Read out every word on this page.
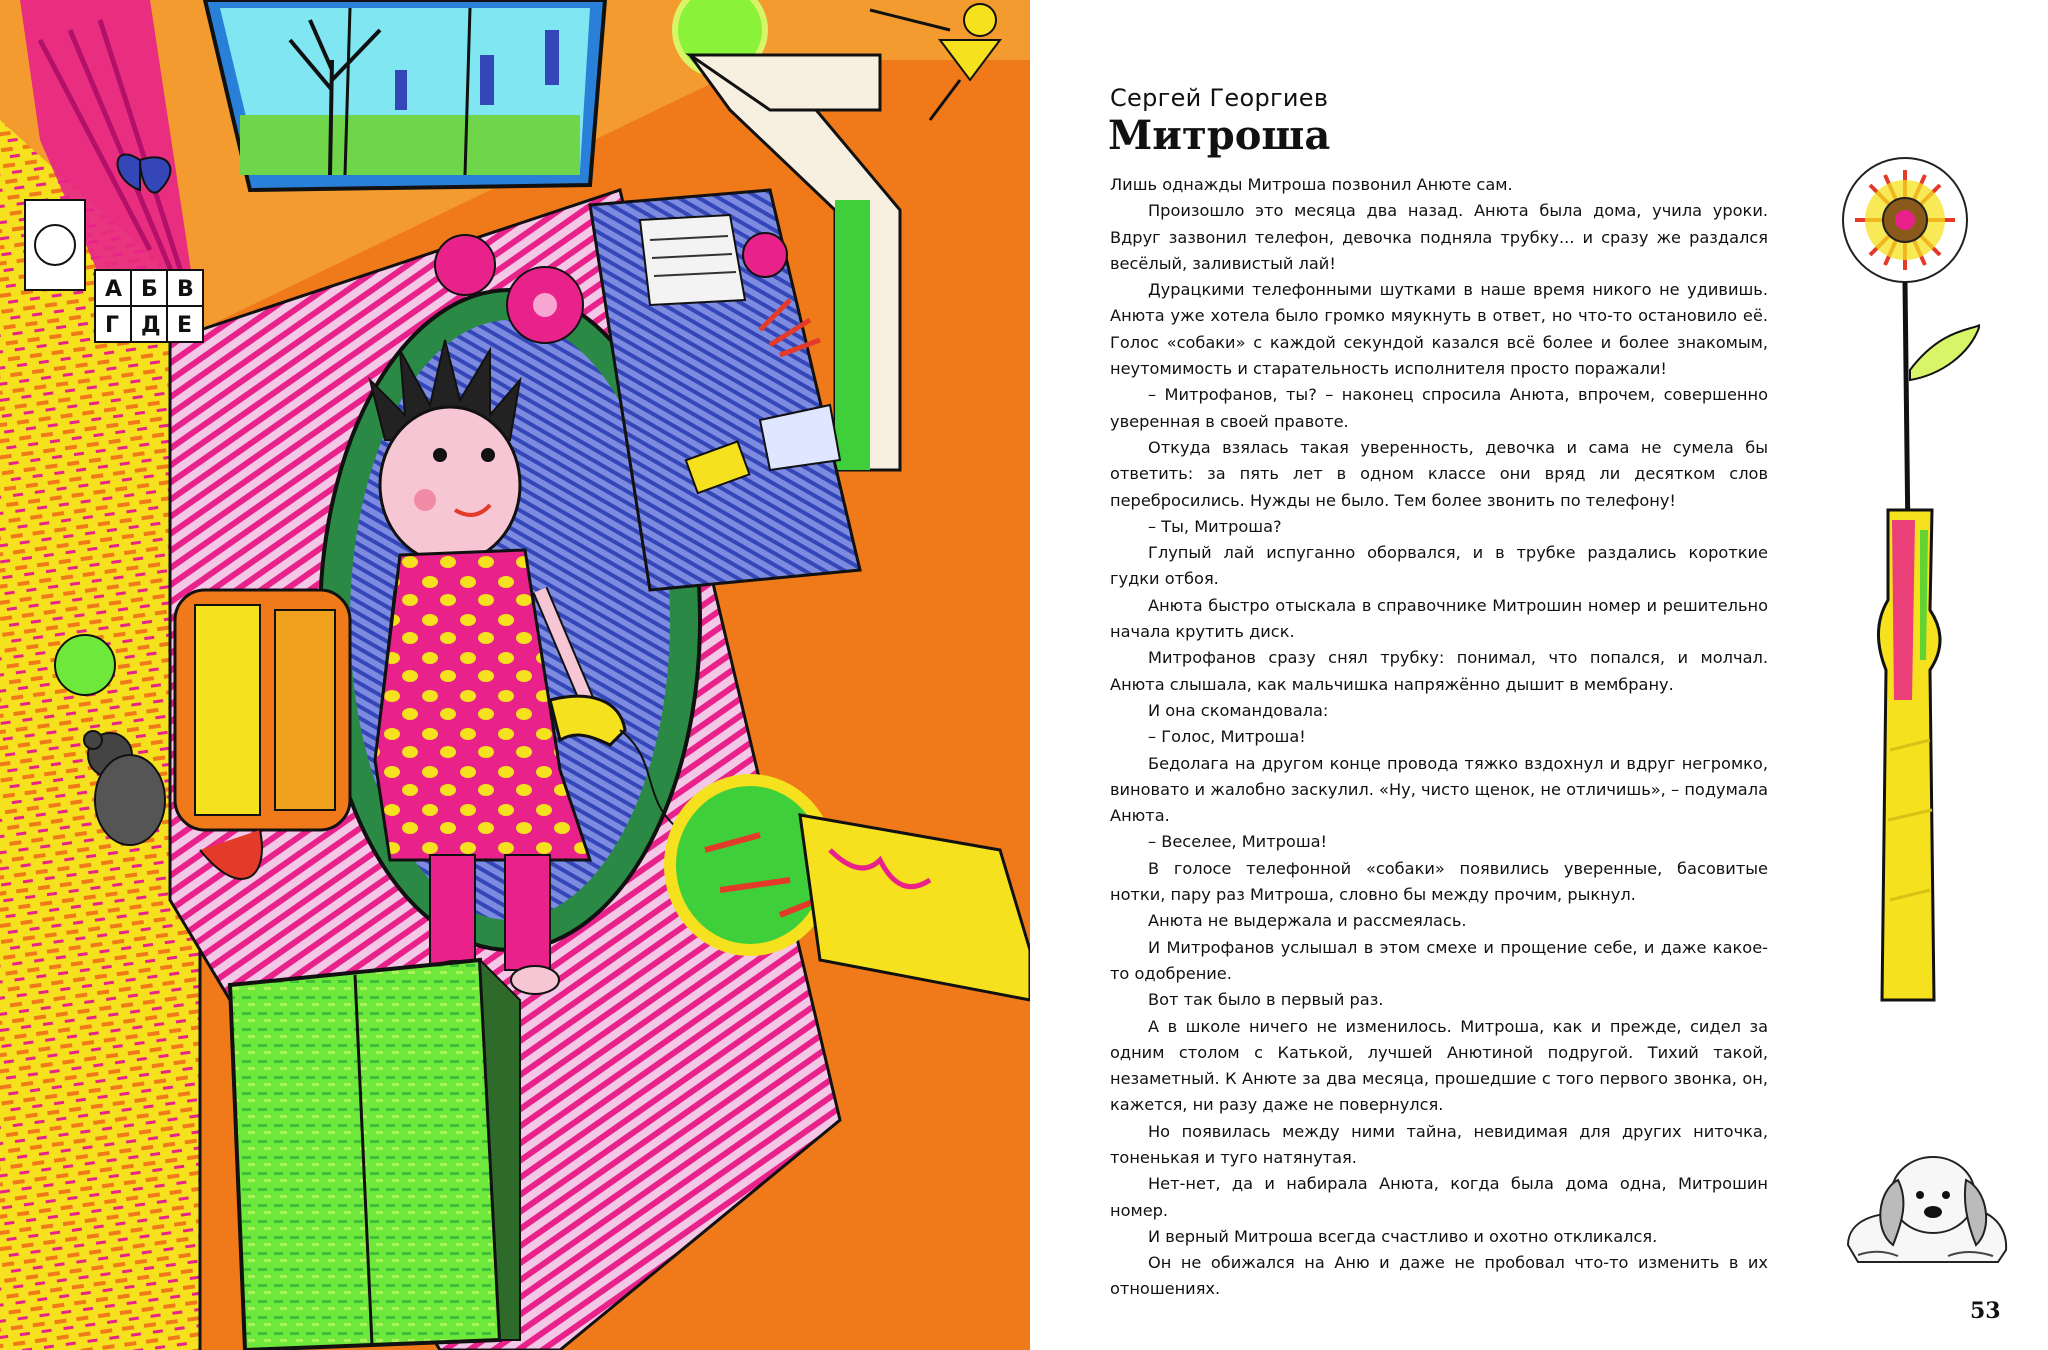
А Б В
Г Д Е
Сергей Георгиев
Митроша

Лишь однажды Митроша позвонил Анюте сам.

Произошло это месяца два назад. Анюта была дома, учила уроки. Вдруг зазвонил телефон, девочка подняла трубку... и сразу же раздался весёлый, заливистый лай!

Дурацкими телефонными шутками в наше время никого не удивишь. Анюта уже хотела было громко мяукнуть в ответ, но что-то остановило её. Голос «собаки» с каждой секундой казался всё более и более знакомым, неутомимость и старательность исполнителя просто поражали!

– Митрофанов, ты? – наконец спросила Анюта, впрочем, совершенно уверенная в своей правоте.

Откуда взялась такая уверенность, девочка и сама не сумела бы ответить: за пять лет в одном классе они вряд ли десятком слов перебросились. Нужды не было. Тем более звонить по телефону!

– Ты, Митроша?

Глупый лай испуганно оборвался, и в трубке раздались короткие гудки отбоя.

Анюта быстро отыскала в справочнике Митрошин номер и решительно начала крутить диск.

Митрофанов сразу снял трубку: понимал, что попался, и молчал. Анюта слышала, как мальчишка напряжённо дышит в мембрану.

И она скомандовала:

– Голос, Митроша!

Бедолага на другом конце провода тяжко вздохнул и вдруг негромко, виновато и жалобно заскулил. «Ну, чисто щенок, не отличишь», – подумала Анюта.

– Веселее, Митроша!

В голосе телефонной «собаки» появились уверенные, басовитые нотки, пару раз Митроша, словно бы между прочим, рыкнул.

Анюта не выдержала и рассмеялась.

И Митрофанов услышал в этом смехе и прощение себе, и даже какое-то одобрение.

Вот так было в первый раз.

А в школе ничего не изменилось. Митроша, как и прежде, сидел за одним столом с Катькой, лучшей Анютиной подругой. Тихий такой, незаметный. К Анюте за два месяца, прошедшие с того первого звонка, он, кажется, ни разу даже не повернулся.

Но появилась между ними тайна, невидимая для других ниточка, тоненькая и туго натянутая.

Нет-нет, да и набирала Анюта, когда была дома одна, Митрошин номер.

И верный Митроша всегда счастливо и охотно откликался.

Он не обижался на Аню и даже не пробовал что-то изменить в их отношениях.

53
